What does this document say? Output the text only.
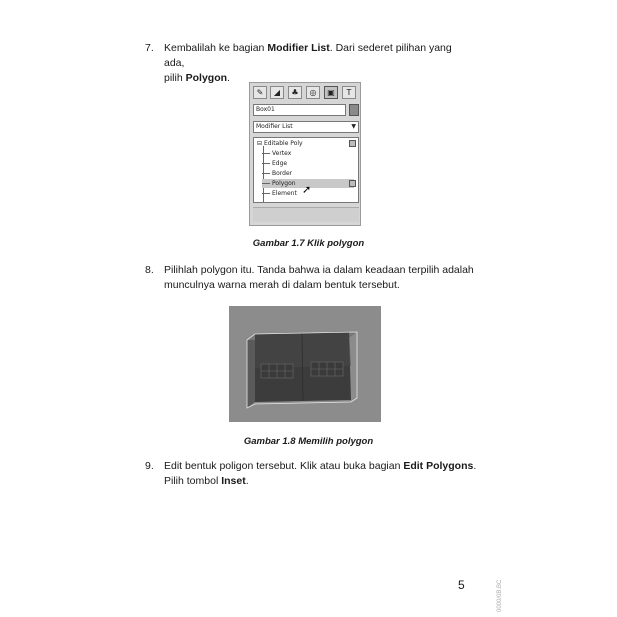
7. Kembalilah ke bagian Modifier List. Dari sederet pilihan yang ada,
pilih Polygon.
✎	◢	♣	◎	▣	T
Box01
Modifier List	▼
⊟ Editable Poly
Vertex
Edge
Border
Polygon
Element ➚
Gambar 1.7 Klik polygon
8. Pilihlah polygon itu. Tanda bahwa ia dalam keadaan terpilih adalah
munculnya warna merah di dalam bentuk tersebut.
Gambar 1.8 Memilih polygon
9. Edit bentuk poligon tersebut. Klik atau buka bagian Edit Polygons.
Pilih tombol Inset.
5	0000/0B.BC
